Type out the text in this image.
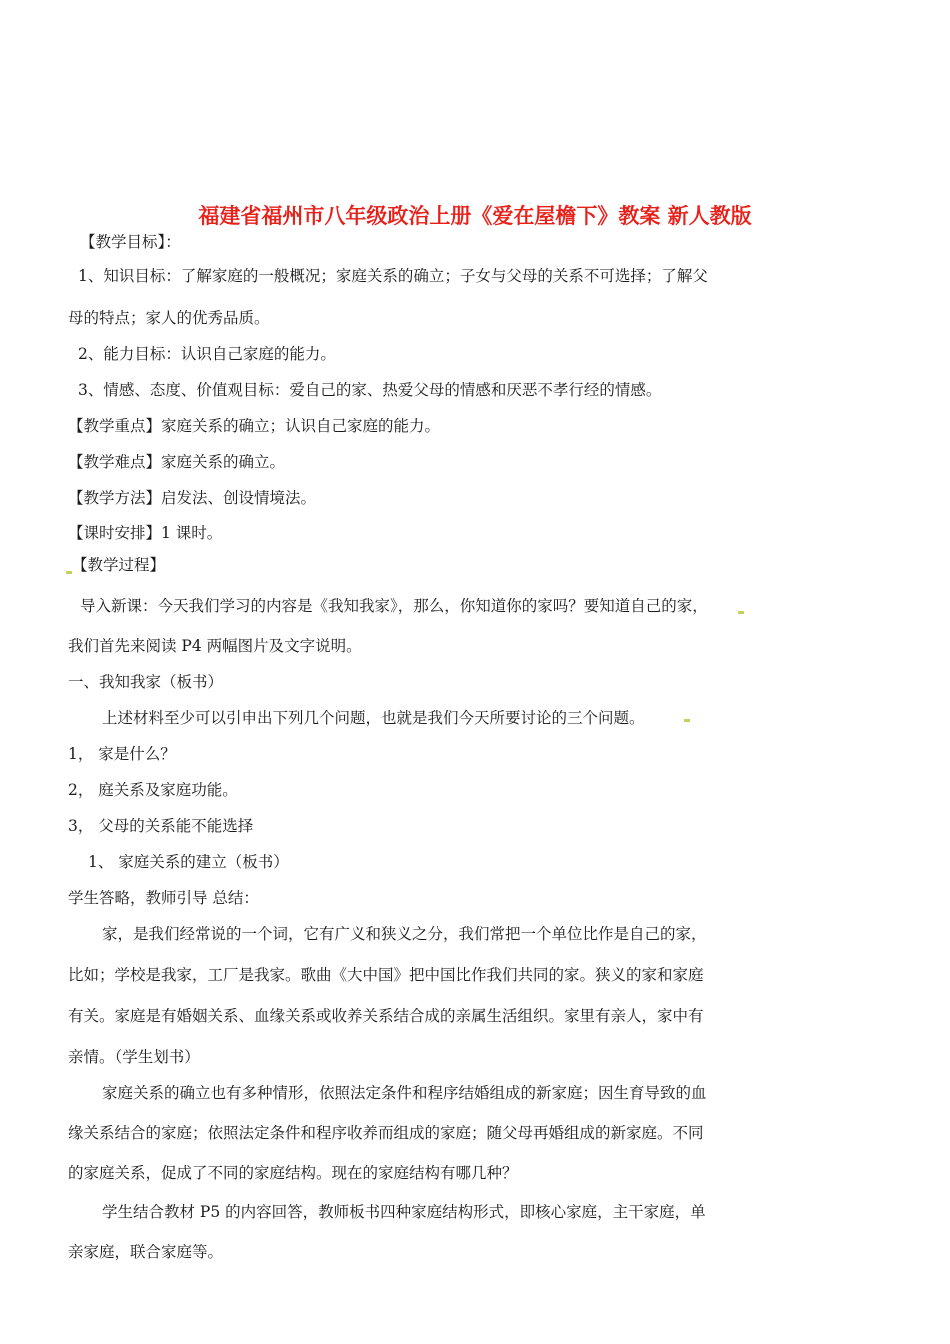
福建省福州市八年级政治上册《爱在屋檐下》教案 新人教版
【教学目标】：
1、知识目标：了解家庭的一般概况；家庭关系的确立；子女与父母的关系不可选择；了解父
母的特点；家人的优秀品质。
2、能力目标：认识自己家庭的能力。
3、情感、态度、价值观目标：爱自己的家、热爱父母的情感和厌恶不孝行经的情感。
【教学重点】家庭关系的确立；认识自己家庭的能力。
【教学难点】家庭关系的确立。
【教学方法】启发法、创设情境法。
【课时安排】1 课时。
【教学过程】
导入新课：今天我们学习的内容是《我知我家》，那么，你知道你的家吗？要知道自己的家，
我们首先来阅读 P4 两幅图片及文字说明。
一、我知我家（板书）
上述材料至少可以引申出下列几个问题，也就是我们今天所要讨论的三个问题。
1， 家是什么？
2， 庭关系及家庭功能。
3， 父母的关系能不能选择
1、 家庭关系的建立（板书）
学生答略，教师引导 总结：
家，是我们经常说的一个词，它有广义和狭义之分，我们常把一个单位比作是自己的家，
比如；学校是我家，工厂是我家。歌曲《大中国》把中国比作我们共同的家。狭义的家和家庭
有关。家庭是有婚姻关系、血缘关系或收养关系结合成的亲属生活组织。家里有亲人，家中有
亲情。（学生划书）
家庭关系的确立也有多种情形，依照法定条件和程序结婚组成的新家庭；因生育导致的血
缘关系结合的家庭；依照法定条件和程序收养而组成的家庭；随父母再婚组成的新家庭。不同
的家庭关系，促成了不同的家庭结构。现在的家庭结构有哪几种？
学生结合教材 P5 的内容回答，教师板书四种家庭结构形式，即核心家庭，主干家庭，单
亲家庭，联合家庭等。
